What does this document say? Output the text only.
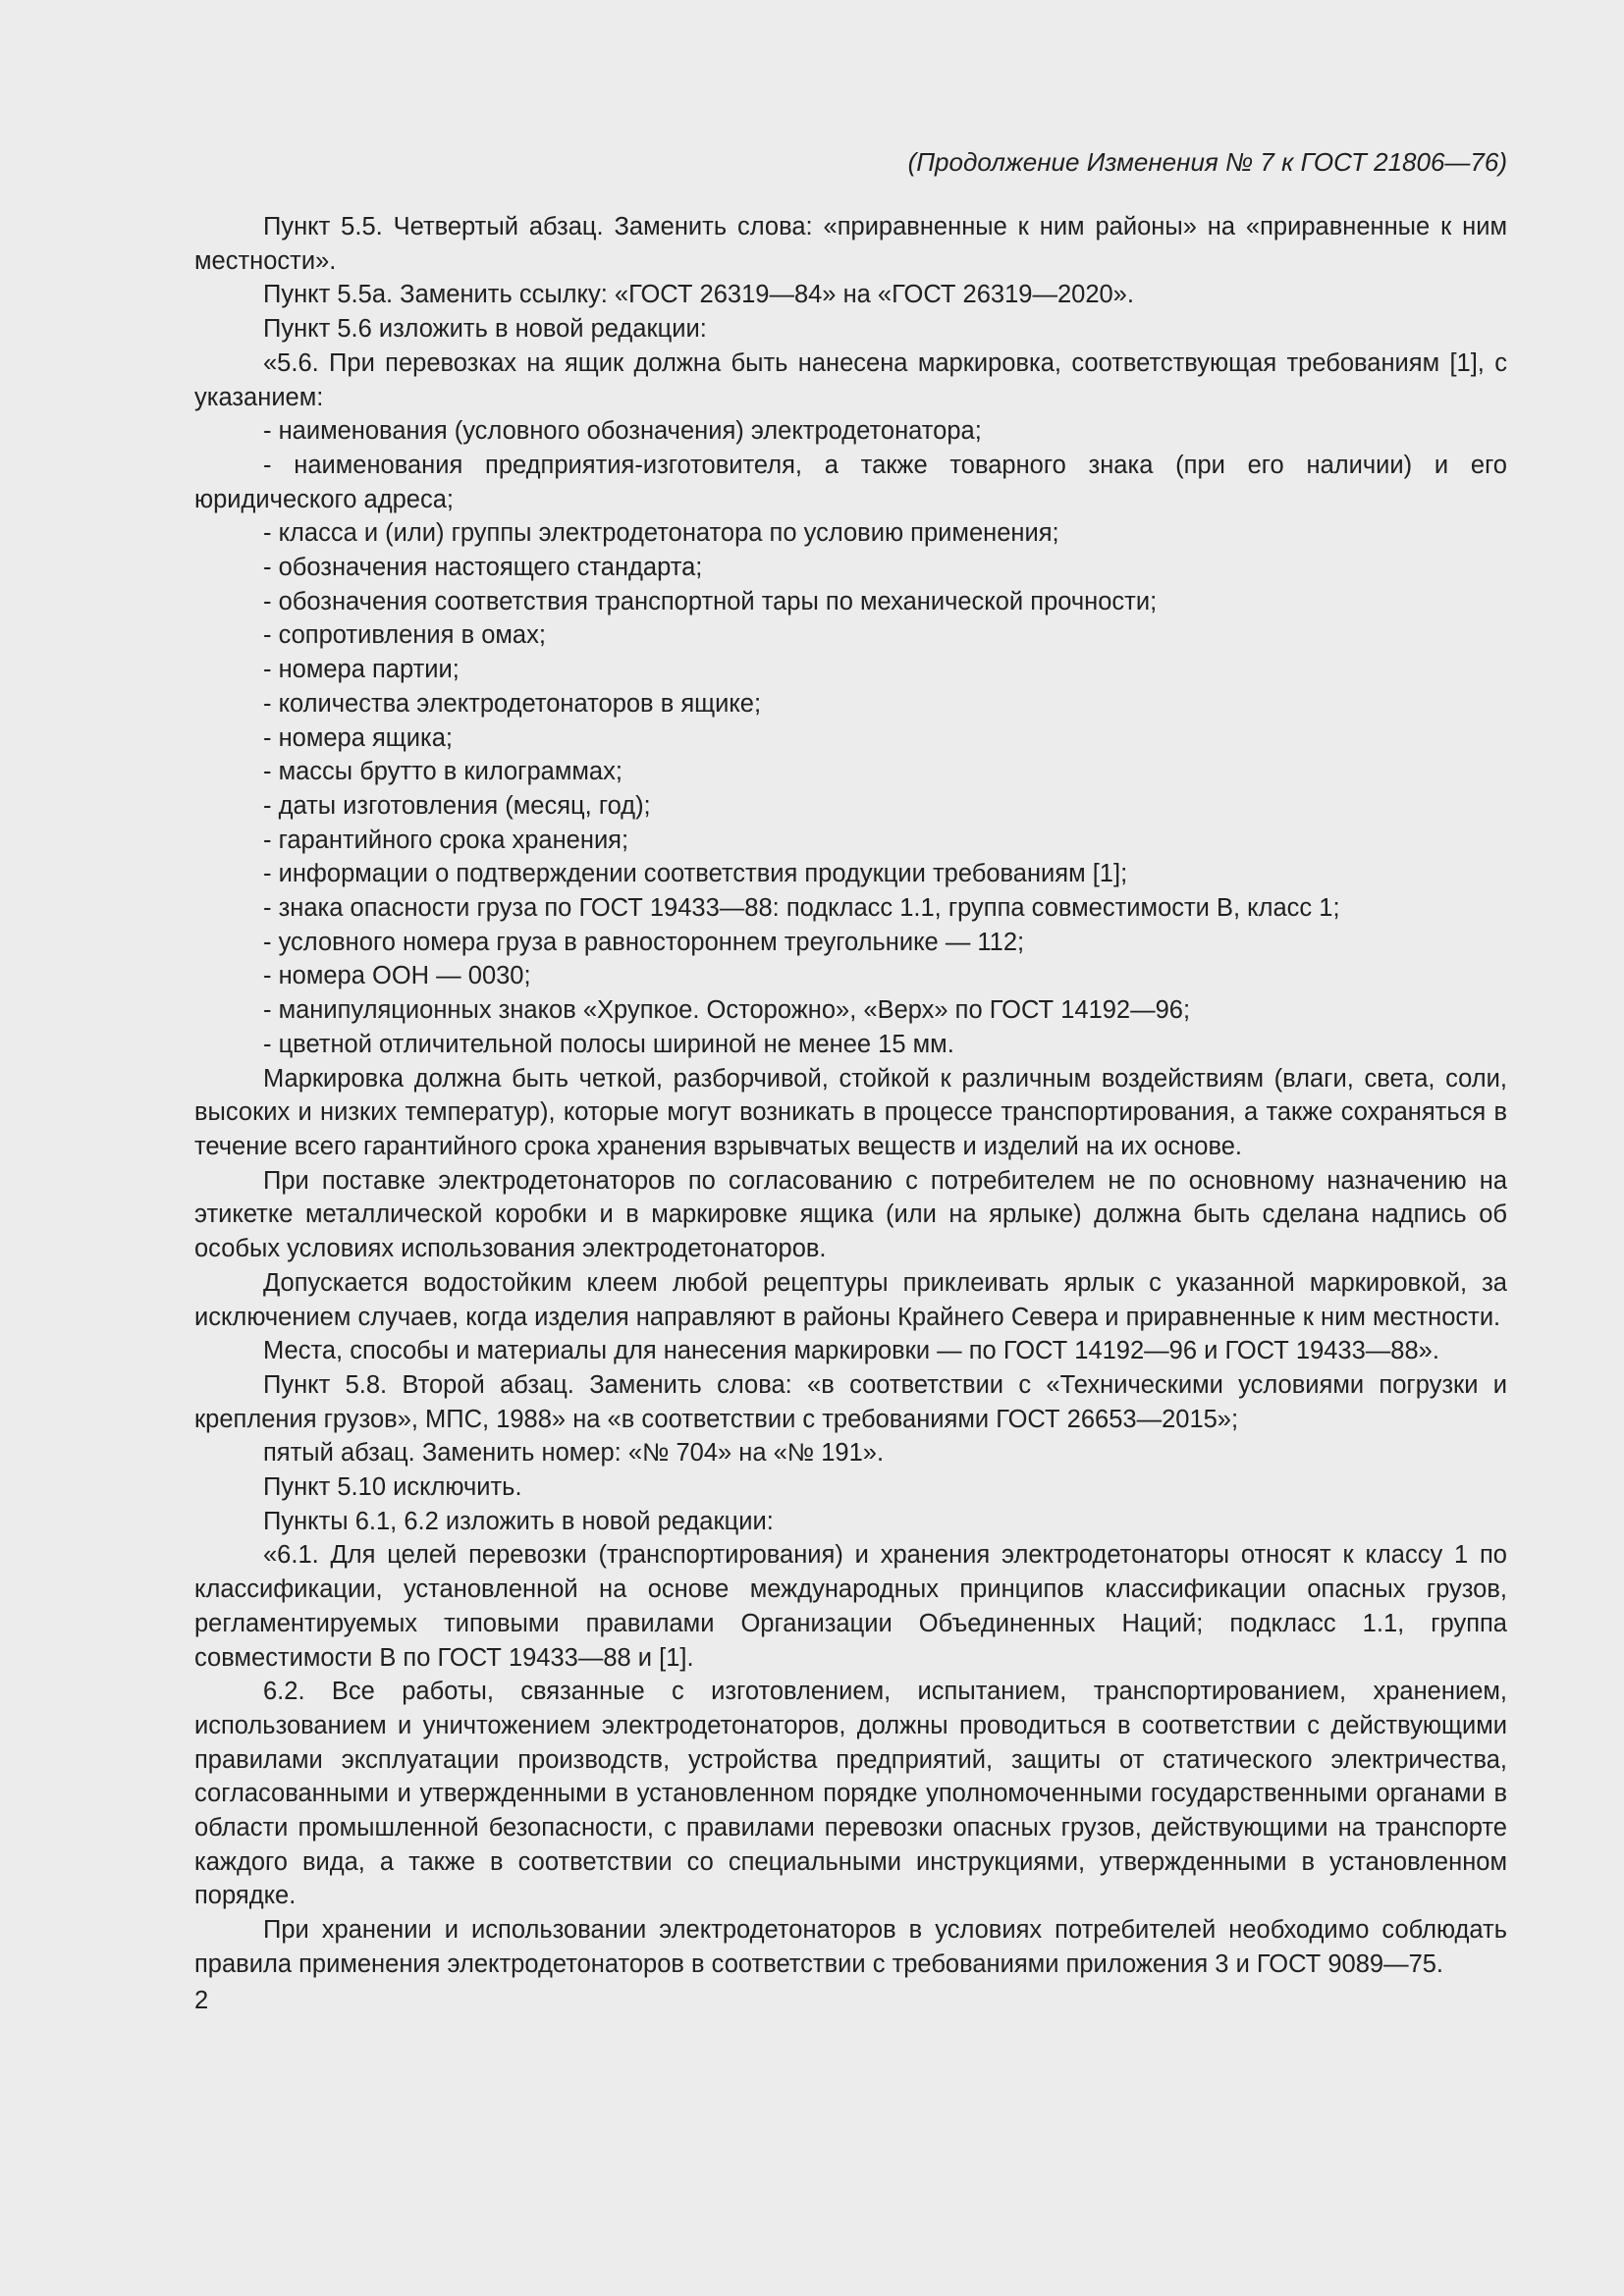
(Продолжение Изменения № 7 к ГОСТ 21806—76)

Пункт 5.5. Четвертый абзац. Заменить слова: «приравненные к ним районы» на «приравненные к ним местности».

Пункт 5.5а. Заменить ссылку: «ГОСТ 26319—84» на «ГОСТ 26319—2020».

Пункт 5.6 изложить в новой редакции:

«5.6. При перевозках на ящик должна быть нанесена маркировка, соответствующая требованиям [1], с указанием:

- наименования (условного обозначения) электродетонатора;

- наименования предприятия-изготовителя, а также товарного знака (при его наличии) и его юридического адреса;

- класса и (или) группы электродетонатора по условию применения;

- обозначения настоящего стандарта;

- обозначения соответствия транспортной тары по механической прочности;

- сопротивления в омах;

- номера партии;

- количества электродетонаторов в ящике;

- номера ящика;

- массы брутто в килограммах;

- даты изготовления (месяц, год);

- гарантийного срока хранения;

- информации о подтверждении соответствия продукции требованиям [1];

- знака опасности груза по ГОСТ 19433—88: подкласс 1.1, группа совместимости В, класс 1;

- условного номера груза в равностороннем треугольнике — 112;

- номера ООН — 0030;

- манипуляционных знаков «Хрупкое. Осторожно», «Верх» по ГОСТ 14192—96;

- цветной отличительной полосы шириной не менее 15 мм.

Маркировка должна быть четкой, разборчивой, стойкой к различным воздействиям (влаги, света, соли, высоких и низких температур), которые могут возникать в процессе транспортирования, а также сохраняться в течение всего гарантийного срока хранения взрывчатых веществ и изделий на их основе.

При поставке электродетонаторов по согласованию с потребителем не по основному назначению на этикетке металлической коробки и в маркировке ящика (или на ярлыке) должна быть сделана надпись об особых условиях использования электродетонаторов.

Допускается водостойким клеем любой рецептуры приклеивать ярлык с указанной маркировкой, за исключением случаев, когда изделия направляют в районы Крайнего Севера и приравненные к ним местности.

Места, способы и материалы для нанесения маркировки — по ГОСТ 14192—96 и ГОСТ 19433—88».

Пункт 5.8. Второй абзац. Заменить слова: «в соответствии с «Техническими условиями погрузки и крепления грузов», МПС, 1988» на «в соответствии с требованиями ГОСТ 26653—2015»;

пятый абзац. Заменить номер: «№ 704» на «№ 191».

Пункт 5.10 исключить.

Пункты 6.1, 6.2 изложить в новой редакции:

«6.1. Для целей перевозки (транспортирования) и хранения электродетонаторы относят к классу 1 по классификации, установленной на основе международных принципов классификации опасных грузов, регламентируемых типовыми правилами Организации Объединенных Наций; подкласс 1.1, группа совместимости В по ГОСТ 19433—88 и [1].

6.2. Все работы, связанные с изготовлением, испытанием, транспортированием, хранением, использованием и уничтожением электродетонаторов, должны проводиться в соответствии с действующими правилами эксплуатации производств, устройства предприятий, защиты от статического электричества, согласованными и утвержденными в установленном порядке уполномоченными государственными органами в области промышленной безопасности, с правилами перевозки опасных грузов, действующими на транспорте каждого вида, а также в соответствии со специальными инструкциями, утвержденными в установленном порядке.

При хранении и использовании электродетонаторов в условиях потребителей необходимо соблюдать правила применения электродетонаторов в соответствии с требованиями приложения 3 и ГОСТ 9089—75.

2
